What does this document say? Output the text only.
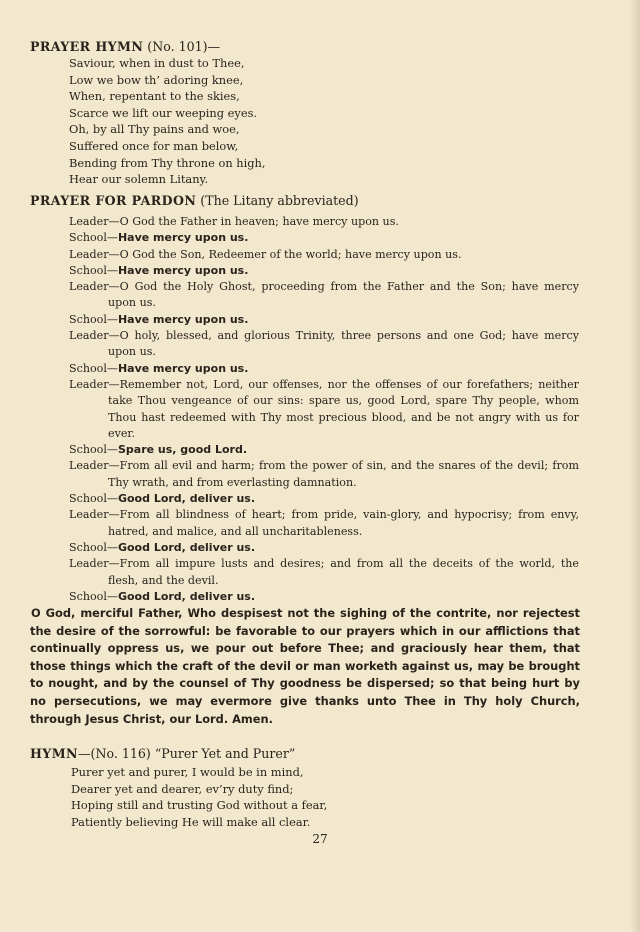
PRAYER HYMN (No. 101)—
Saviour, when in dust to Thee,
Low we bow th’ adoring knee,
When, repentant to the skies,
Scarce we lift our weeping eyes.
Oh, by all Thy pains and woe,
Suffered once for man below,
Bending from Thy throne on high,
Hear our solemn Litany.
PRAYER FOR PARDON (The Litany abbreviated)

Leader—O God the Father in heaven; have mercy upon us.

School—Have mercy upon us.

Leader—O God the Son, Redeemer of the world; have mercy upon us.

School—Have mercy upon us.

Leader—O God the Holy Ghost, proceeding from the Father and the Son; have mercy upon us.

School—Have mercy upon us.

Leader—O holy, blessed, and glorious Trinity, three persons and one God; have mercy upon us.

School—Have mercy upon us.

Leader—Remember not, Lord, our offenses, nor the offenses of our forefathers; neither take Thou vengeance of our sins: spare us, good Lord, spare Thy people, whom Thou hast redeemed with Thy most precious blood, and be not angry with us for ever.

School—Spare us, good Lord.

Leader—From all evil and harm; from the power of sin, and the snares of the devil; from Thy wrath, and from everlasting damnation.

School—Good Lord, deliver us.

Leader—From all blindness of heart; from pride, vain-glory, and hypocrisy; from envy, hatred, and malice, and all uncharitableness.

School—Good Lord, deliver us.

Leader—From all impure lusts and desires; and from all the deceits of the world, the flesh, and the devil.

School—Good Lord, deliver us.

O God, merciful Father, Who despisest not the sighing of the contrite, nor rejectest the desire of the sorrowful: be favorable to our prayers which in our afflictions that continually oppress us, we pour out before Thee; and graciously hear them, that those things which the craft of the devil or man worketh against us, may be brought to nought, and by the counsel of Thy goodness be dispersed; so that being hurt by no persecutions, we may evermore give thanks unto Thee in Thy holy Church, through Jesus Christ, our Lord. Amen.

HYMN—(No. 116) “Purer Yet and Purer”
Purer yet and purer, I would be in mind,
Dearer yet and dearer, ev’ry duty find;
Hoping still and trusting God without a fear,
Patiently believing He will make all clear.
27
